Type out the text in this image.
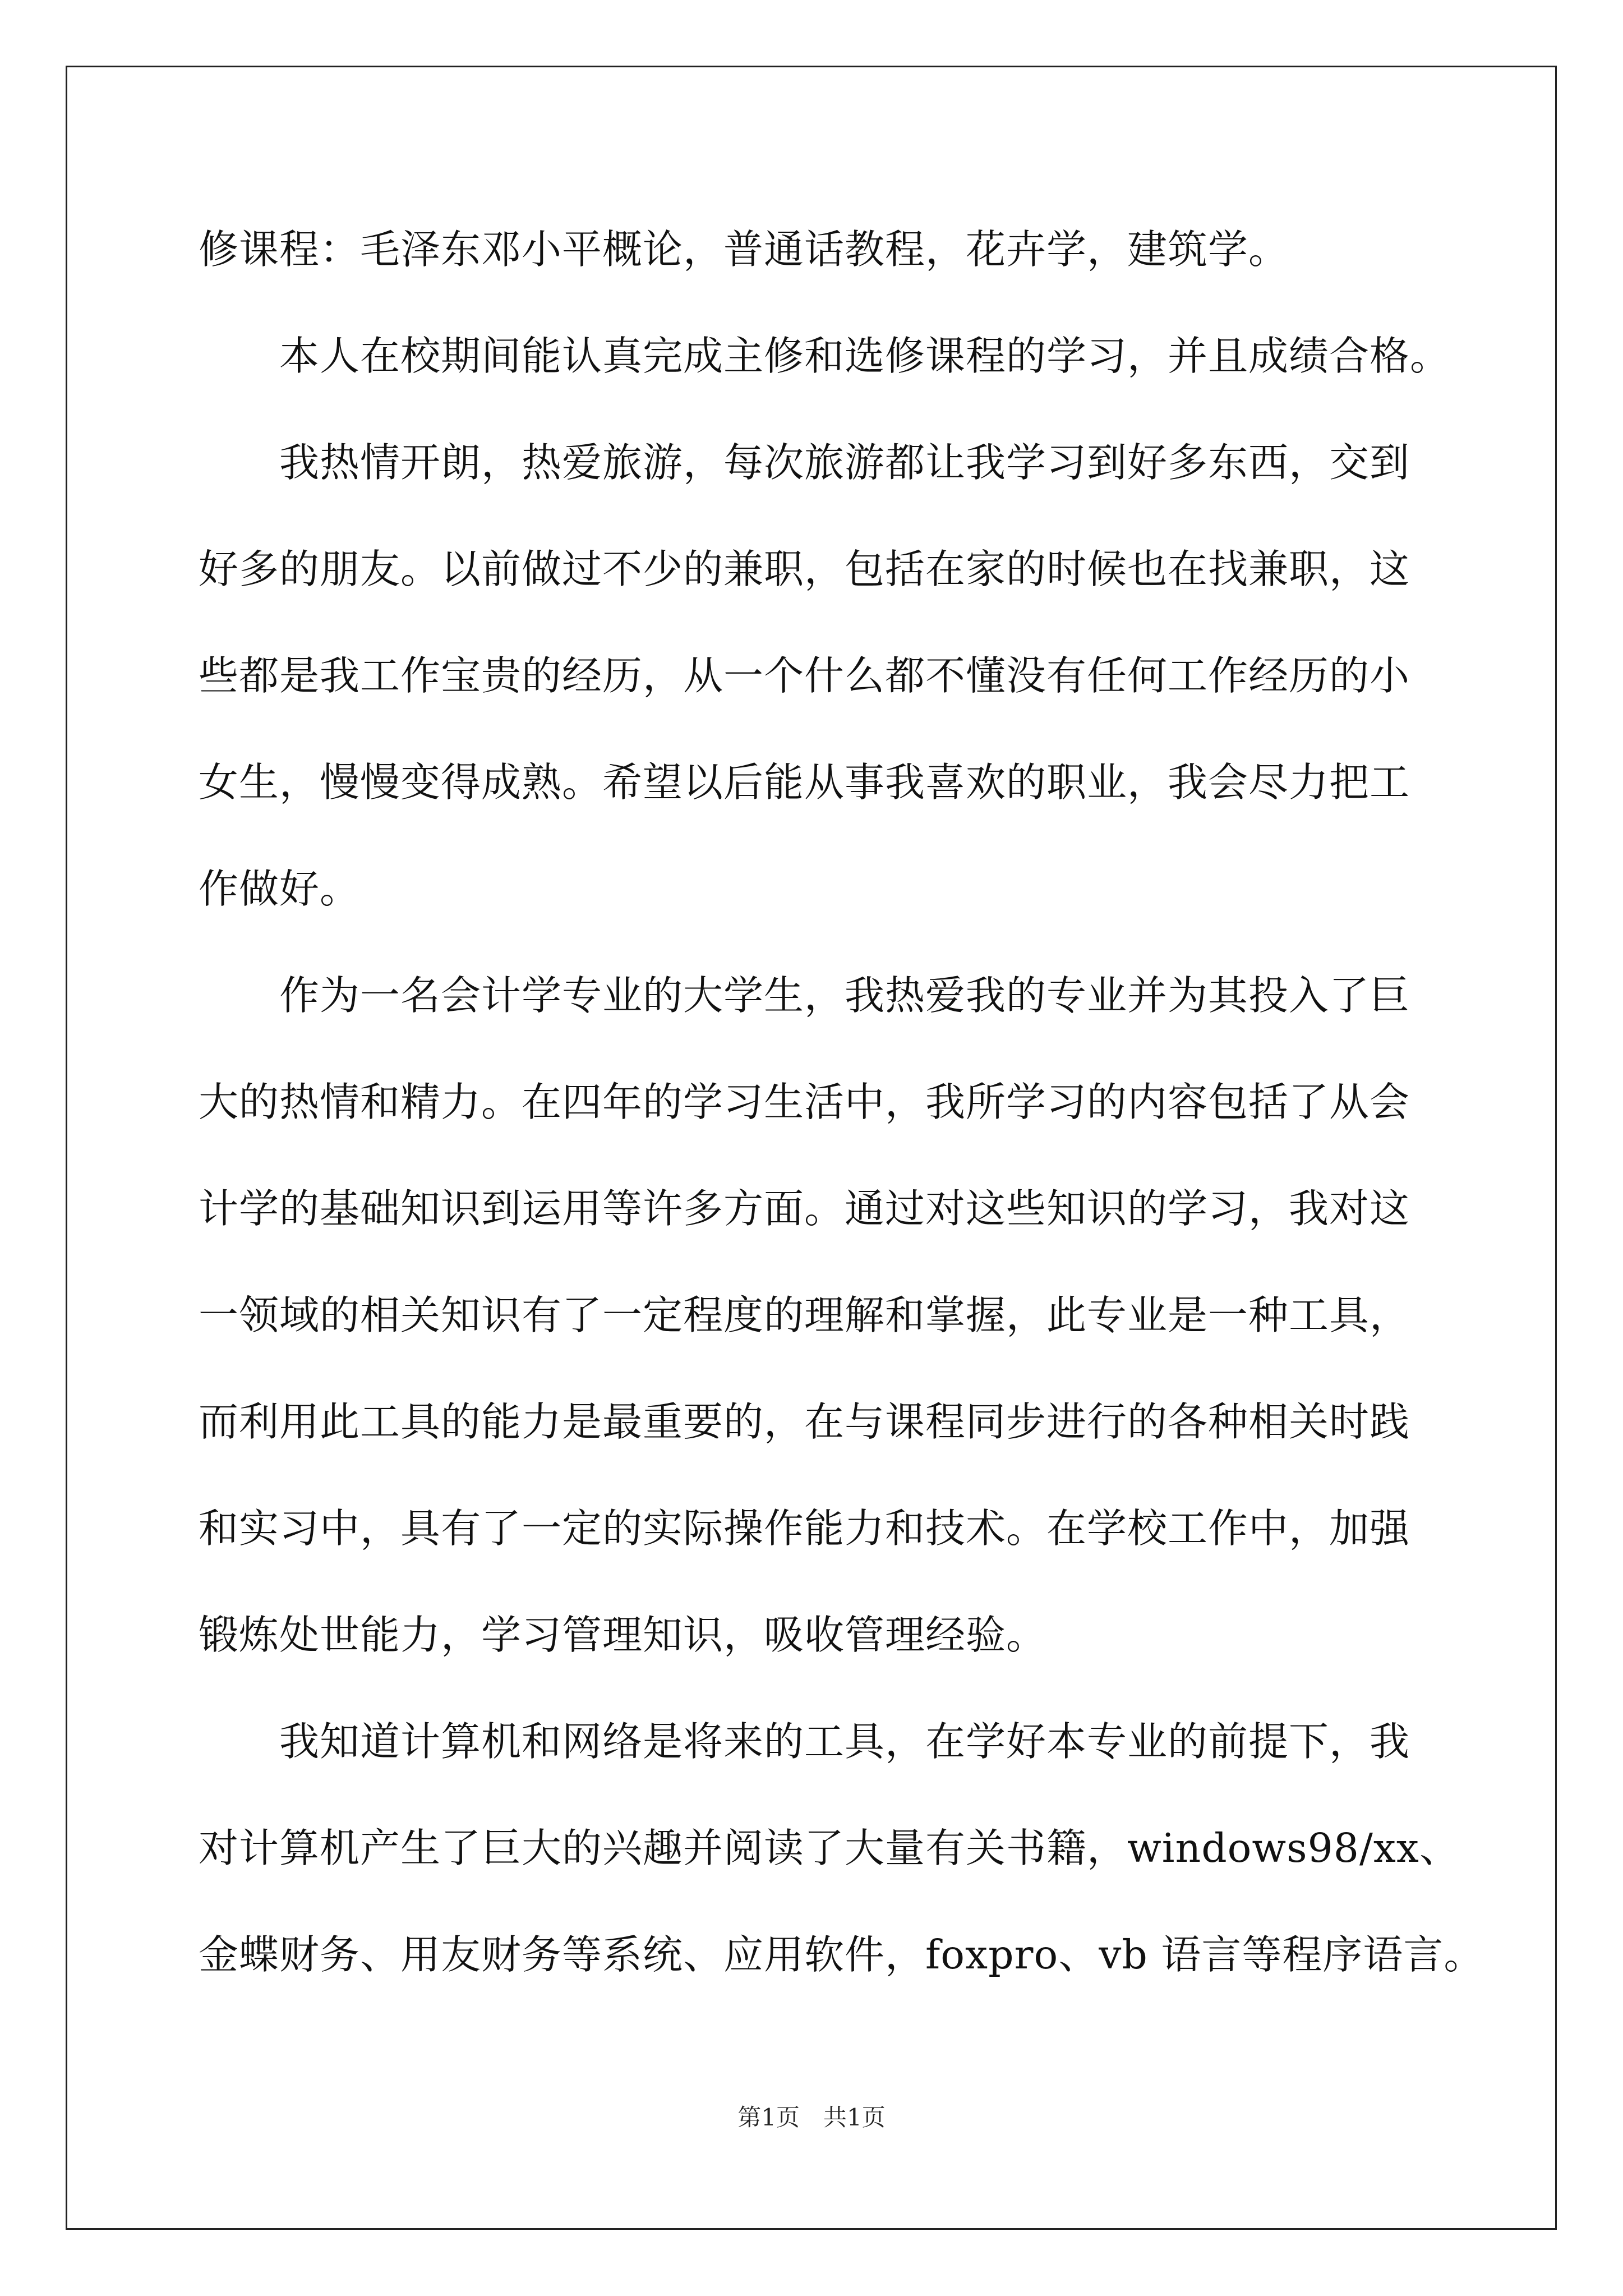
修课程：毛泽东邓小平概论，普通话教程，花卉学，建筑学。
　　本人在校期间能认真完成主修和选修课程的学习，并且成绩合格。
　　我热情开朗，热爱旅游，每次旅游都让我学习到好多东西，交到
好多的朋友。以前做过不少的兼职，包括在家的时候也在找兼职，这
些都是我工作宝贵的经历，从一个什么都不懂没有任何工作经历的小
女生，慢慢变得成熟。希望以后能从事我喜欢的职业，我会尽力把工
作做好。
　　作为一名会计学专业的大学生，我热爱我的专业并为其投入了巨
大的热情和精力。在四年的学习生活中，我所学习的内容包括了从会
计学的基础知识到运用等许多方面。通过对这些知识的学习，我对这
一领域的相关知识有了一定程度的理解和掌握，此专业是一种工具，
而利用此工具的能力是最重要的，在与课程同步进行的各种相关时践
和实习中，具有了一定的实际操作能力和技术。在学校工作中，加强
锻炼处世能力，学习管理知识，吸收管理经验。
　　我知道计算机和网络是将来的工具，在学好本专业的前提下，我
对计算机产生了巨大的兴趣并阅读了大量有关书籍，windows98/xx、
金蝶财务、用友财务等系统、应用软件，foxpro、vb 语言等程序语言。
第1页　共1页
